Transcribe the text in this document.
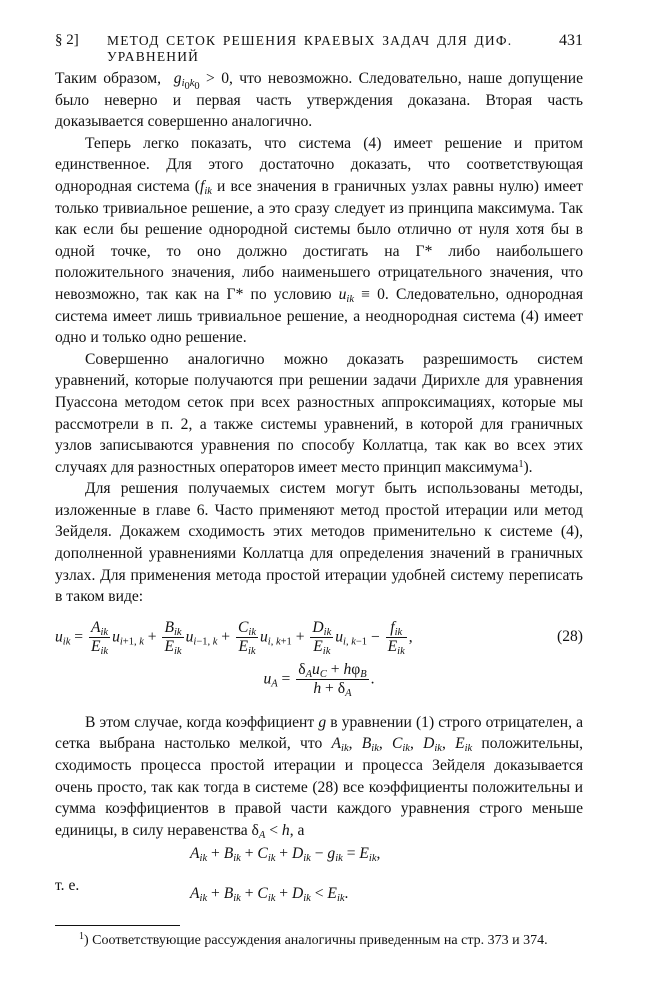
§ 2] МЕТОД СЕТОК РЕШЕНИЯ КРАЕВЫХ ЗАДАЧ ДЛЯ ДИФ. УРАВНЕНИЙ
431

Таким образом, $g_{i_0k_0} > 0$, что невозможно. Следовательно, наше допущение было неверно и первая часть утверждения доказана. Вторая часть доказывается совершенно аналогично.

Теперь легко показать, что система (4) имеет решение и притом единственное. Для этого достаточно доказать, что соответствующая однородная система ($f_{ik}$ и все значения в граничных узлах равны нулю) имеет только тривиальное решение, а это сразу следует из принципа максимума. Так как если бы решение однородной системы было отлично от нуля хотя бы в одной точке, то оно должно достигать на Г* либо наибольшего положительного значения, либо наименьшего отрицательного значения, что невозможно, так как на Г* по условию $u_{ik} \equiv 0$. Следовательно, однородная система имеет лишь тривиальное решение, а неоднородная система (4) имеет одно и только одно решение.

Совершенно аналогично можно доказать разрешимость систем уравнений, которые получаются при решении задачи Дирихле для уравнения Пуассона методом сеток при всех разностных аппроксимациях, которые мы рассмотрели в п. 2, а также системы уравнений, в которой для граничных узлов записываются уравнения по способу Коллатца, так как во всех этих случаях для разностных операторов имеет место принцип максимума$^1$).

Для решения получаемых систем могут быть использованы методы, изложенные в главе 6. Часто применяют метод простой итерации или метод Зейделя. Докажем сходимость этих методов применительно к системе (4), дополненной уравнениями Коллатца для определения значений в граничных узлах. Для применения метода простой итерации удобней систему переписать в таком виде:

$u_{ik} = \frac{A_{ik}}{E_{ik}} u_{i+1, k} + \frac{B_{ik}}{E_{ik}} u_{i-1, k} + \frac{C_{ik}}{E_{ik}} u_{i, k+1} + \frac{D_{ik}}{E_{ik}} u_{i, k-1} - \frac{f_{ik}}{E_{ik}}$ ,	(28)
$u_A = \frac{\delta_Au_C + h\varphi_B}{h + \delta_A}$ .

В этом случае, когда коэффициент g в уравнении (1) строго отрицателен, а сетка выбрана настолько мелкой, что $A_{ik}$, $B_{ik}$, $C_{ik}$, $D_{ik}$, $E_{ik}$ положительны, сходимость процесса простой итерации и процесса Зейделя доказывается очень просто, так как тогда в системе (28) все коэффициенты положительны и сумма коэффициентов в правой части каждого уравнения строго меньше единицы, в силу неравенства $\delta_A < h$, а

$A_{ik} + B_{ik} + C_{ik} + D_{ik} - g_{ik} = E_{ik}$,
т. е.	$A_{ik} + B_{ik} + C_{ik} + D_{ik} < E_{ik}$.

$^1$) Соответствующие рассуждения аналогичны приведенным на стр. 373 и 374.
